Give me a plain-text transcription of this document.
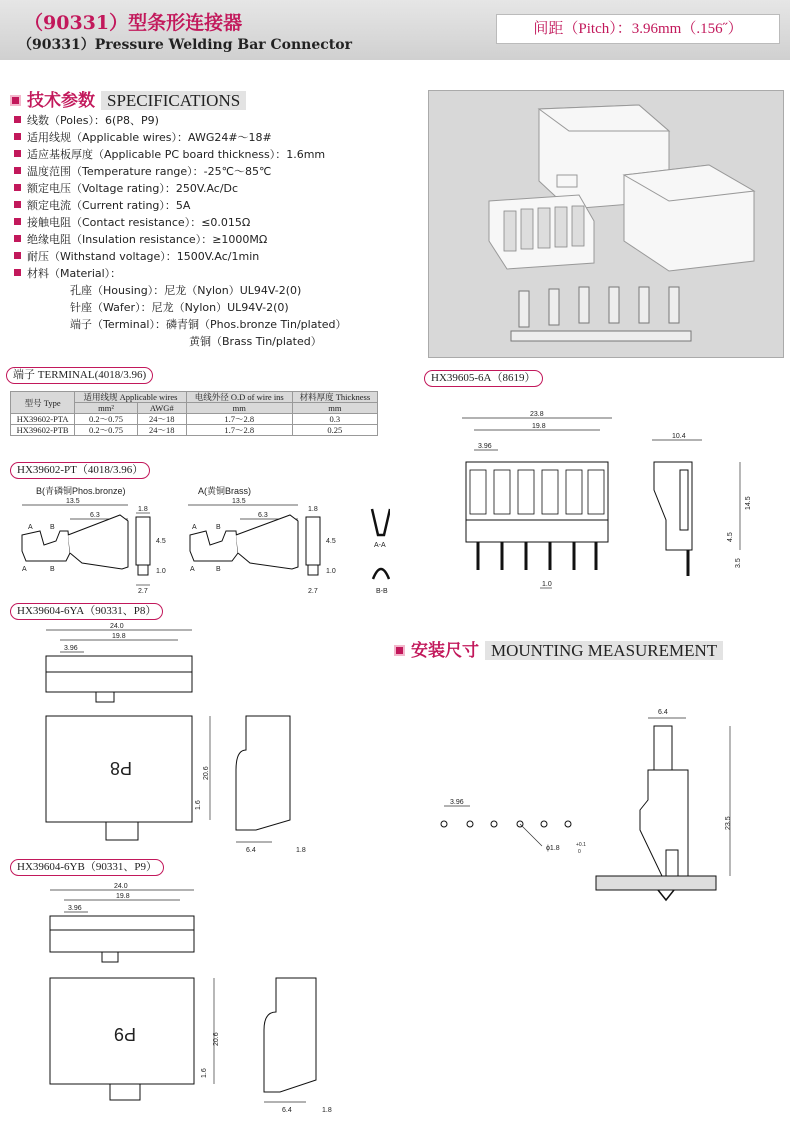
（90331）型条形连接器
（90331）Pressure Welding Bar Connector
间距（Pitch）：3.96mm（.156˝）
技术参数 SPECIFICATIONS
线数（Poles）：6(P8、P9)
适用线规（Applicable wires）：AWG24#～18#
适应基板厚度（Applicable PC board thickness）：1.6mm
温度范围（Temperature range）：-25℃～85℃
额定电压（Voltage rating）：250V.Ac/Dc
额定电流（Current rating）：5A
接触电阻（Contact resistance）：≤0.015Ω
绝缘电阻（Insulation resistance）：≥1000MΩ
耐压（Withstand voltage）：1500V.Ac/1min
材料（Material）：
孔座（Housing）：尼龙（Nylon）UL94V-2(0)
针座（Wafer）：尼龙（Nylon）UL94V-2(0)
端子（Terminal）：磷青铜（Phos.bronze Tin/plated）
黄铜（Brass Tin/plated）
端子 TERMINAL(4018/3.96)
型号 Type	适用线规 Applicable wires		电线外径 O.D of wire ins	材料厚度 Thickness
	mm²	AWG#	mm	mm
HX39602-PTA	0.2～0.75	24～18	1.7～2.8	0.3
HX39602-PTB	0.2～0.75	24～18	1.7～2.8	0.25
HX39602-PT（4018/3.96）
B(青磷铜Phos.bronze)	A(黄铜Brass)
13.5
6.3
A B
A	B
1.8
4.5
1.0
2.7
13.5
6.3
A	B
A	B
1.8
4.5
1.0
2.7
A-A
B-B
HX39605-6A（8619）
23.8
19.8
3.96
1.0
10.4
14.5
4.5
3.5
HX39604-6YA（90331、P8）
24.0
19.8
3.96
P8	20.6
1.6
6.4	1.8
安装尺寸 MOUNTING MEASUREMENT
3.96
ϕ1.8	+0.1
0
6.4
23.5
HX39604-6YB（90331、P9）
24.0
19.8
3.96
P9	20.6
1.6
6.4	1.8
